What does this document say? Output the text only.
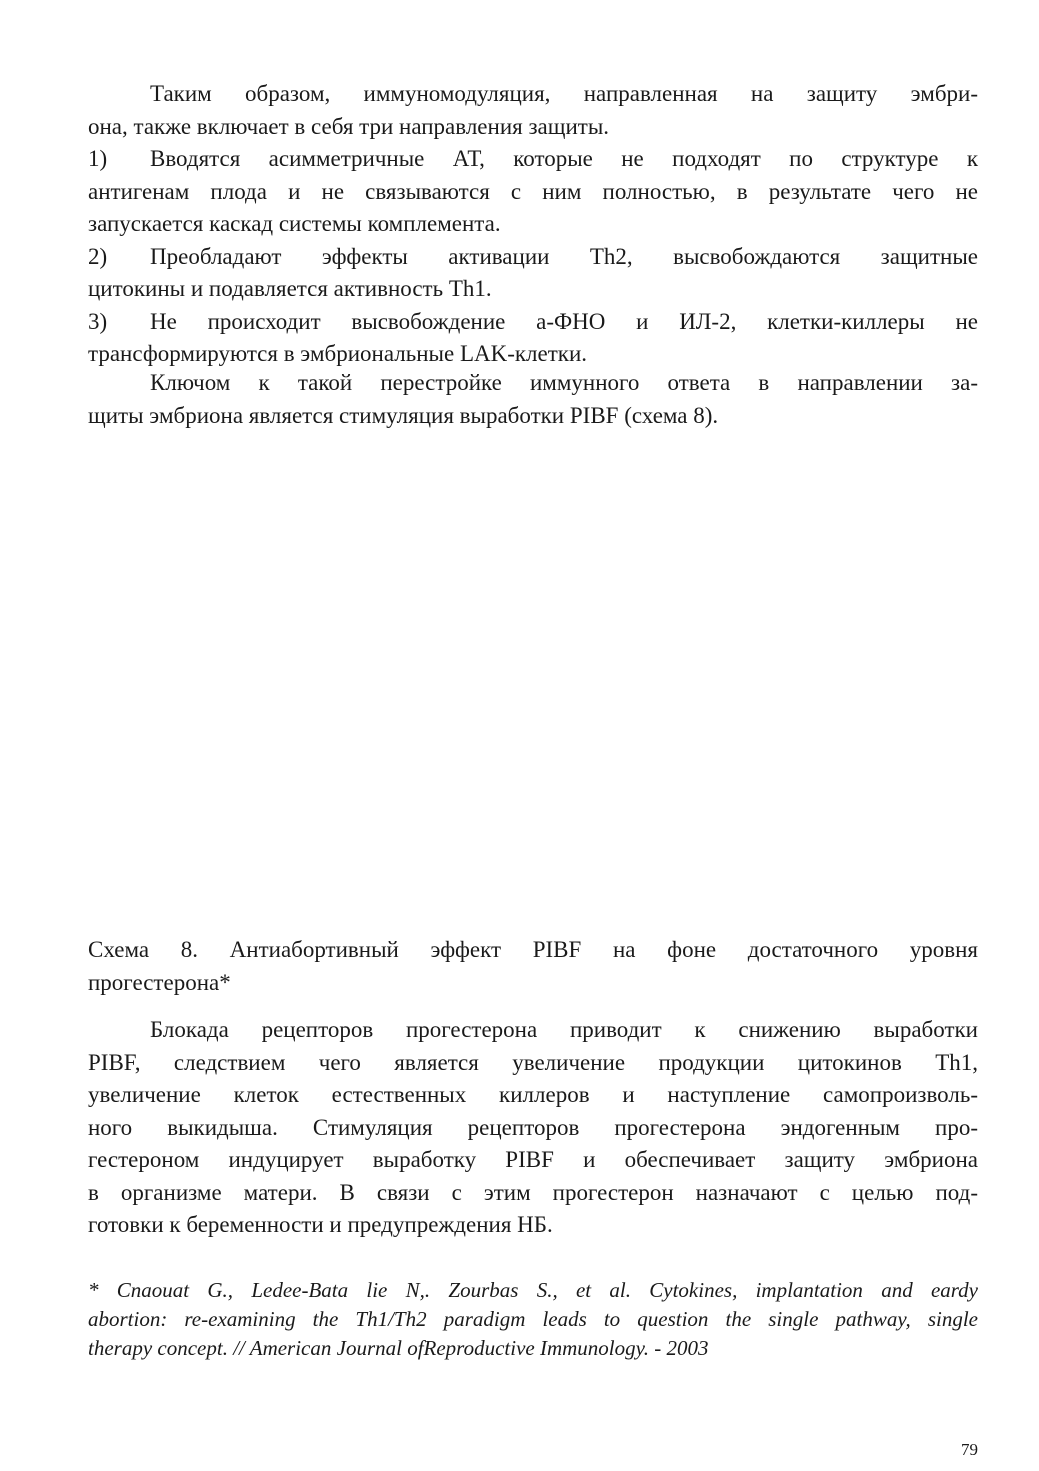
Таким образом, иммуномодуляция, направленная на защиту эмбри-
она, также включает в себя три направления защиты.
1)	Вводятся асимметричные АТ, которые не подходят по структуре к
антигенам плода и не связываются с ним полностью, в результате чего не
запускается каскад системы комплемента.
2)	Преобладают эффекты активации Th2, высвобождаются защитные
цитокины и подавляется активность Th1.
3)	Не происходит высвобождение а-ФНО и ИЛ-2, клетки-киллеры не
трансформируются в эмбриональные LAK-клетки.
Ключом к такой перестройке иммунного ответа в направлении за-
щиты эмбриона является стимуляция выработки PIBF (схема 8).
Схема 8. Антиабортивный эффект PIBF на фоне достаточного уровня
прогестерона*
Блокада рецепторов прогестерона приводит к снижению выработки
PIBF, следствием чего является увеличение продукции цитокинов Th1,
увеличение клеток естественных киллеров и наступление самопроизволь-
ного выкидыша. Стимуляция рецепторов прогестерона эндогенным про-
гестероном индуцирует выработку PIBF и обеспечивает защиту эмбриона
в организме матери. В связи с этим прогестерон назначают с целью под-
готовки к беременности и предупреждения НБ.
* Cnaouat G., Ledee-Bata lie N,. Zourbas S., et al. Cytokines, implantation and eardy
abortion: re-examining the Th1/Th2 paradigm leads to question the single pathway, single
therapy concept. // American Journal ofReproductive Immunology. - 2003
79
